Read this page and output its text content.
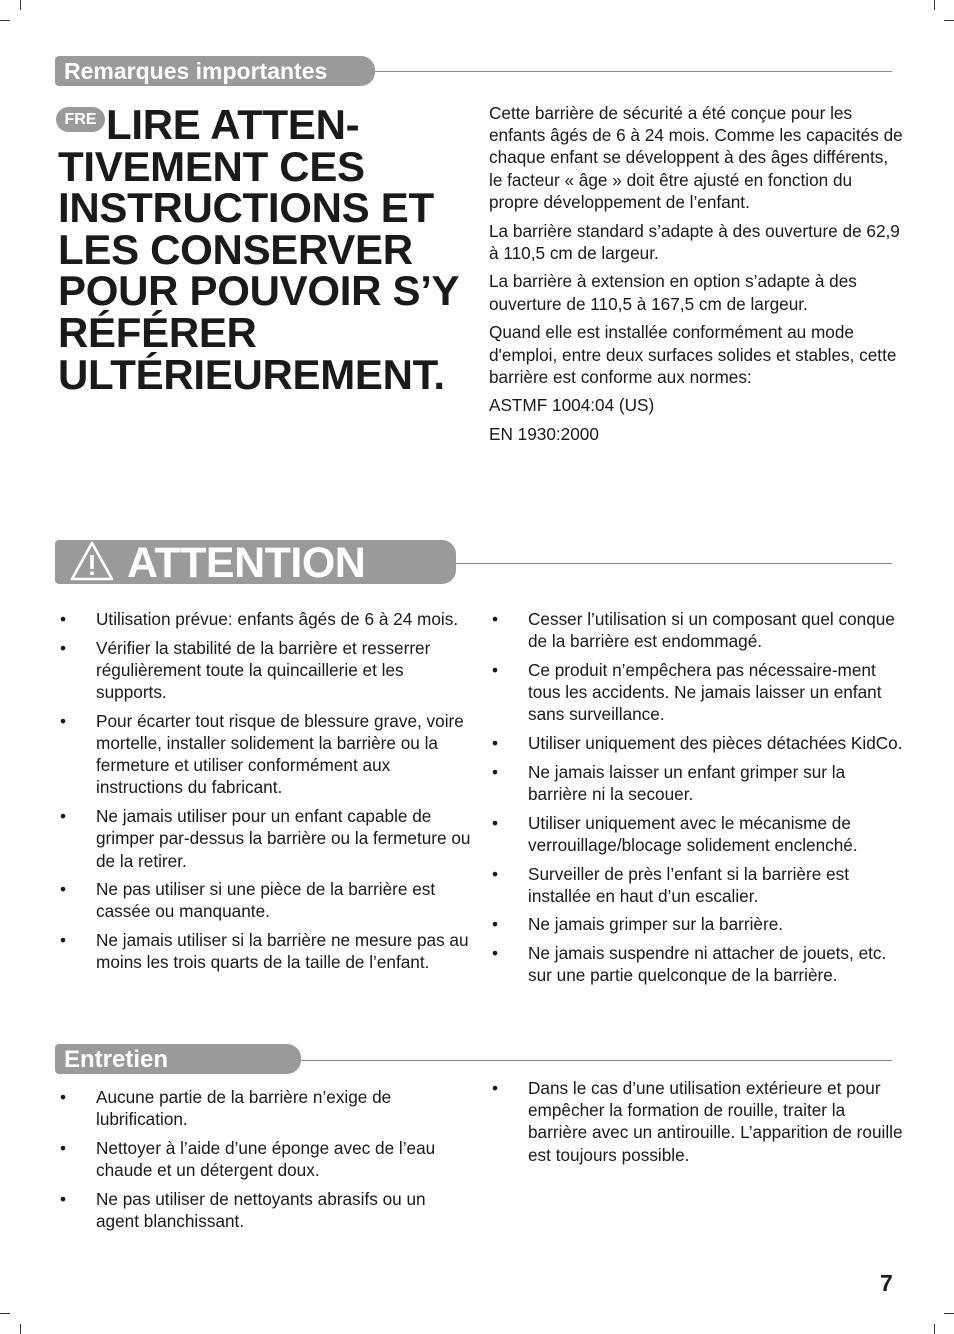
Remarques importantes
LIRE ATTEN-
TIVEMENT CES INSTRUCTIONS ET LES CONSERVER POUR POUVOIR S’Y RÉFÉRER ULTÉRIEUREMENT.
FRE	Cette barrière de sécurité a été conçue pour les enfants âgés de 6 à 24 mois. Comme les capacités de chaque enfant se développent à des âges différents, le facteur « âge » doit être ajusté en fonction du propre développement de l’enfant.

La barrière standard s’adapte à des ouverture de 62,9 à 110,5 cm de largeur.

La barrière à extension en option s’adapte à des ouverture de 110,5 à 167,5 cm de largeur.

Quand elle est installée conformément au mode d'emploi, entre deux surfaces solides et stables, cette barrière est conforme aux normes:

ASTMF 1004:04 (US)

EN 1930:2000

ATTENTION
• Utilisation prévue: enfants âgés de 6 à 24 mois.
• Vérifier la stabilité de la barrière et resserrer régulièrement toute la quincaillerie et les supports.
• Pour écarter tout risque de blessure grave, voire mortelle, installer solidement la barrière ou la fermeture et utiliser conformément aux instructions du fabricant.
• Ne jamais utiliser pour un enfant capable de grimper par-dessus la barrière ou la fermeture ou de la retirer.
• Ne pas utiliser si une pièce de la barrière est cassée ou manquante.
• Ne jamais utiliser si la barrière ne mesure pas au moins les trois quarts de la taille de l’enfant.
• Cesser l’utilisation si un composant quel conque de la barrière est endommagé.
• Ce produit n’empêchera pas nécessaire-ment tous les accidents. Ne jamais laisser un enfant sans surveillance.
• Utiliser uniquement des pièces détachées KidCo.
• Ne jamais laisser un enfant grimper sur la barrière ni la secouer.
• Utiliser uniquement avec le mécanisme de verrouillage/blocage solidement enclenché.
• Surveiller de près l’enfant si la barrière est installée en haut d’un escalier.
• Ne jamais grimper sur la barrière.
• Ne jamais suspendre ni attacher de jouets, etc. sur une partie quelconque de la barrière.
Entretien
• Aucune partie de la barrière n’exige de lubrification.
• Nettoyer à l’aide d’une éponge avec de l’eau chaude et un détergent doux.
• Ne pas utiliser de nettoyants abrasifs ou un agent blanchissant.
• Dans le cas d’une utilisation extérieure et pour empêcher la formation de rouille, traiter la barrière avec un antirouille. L’apparition de rouille est toujours possible.
7
